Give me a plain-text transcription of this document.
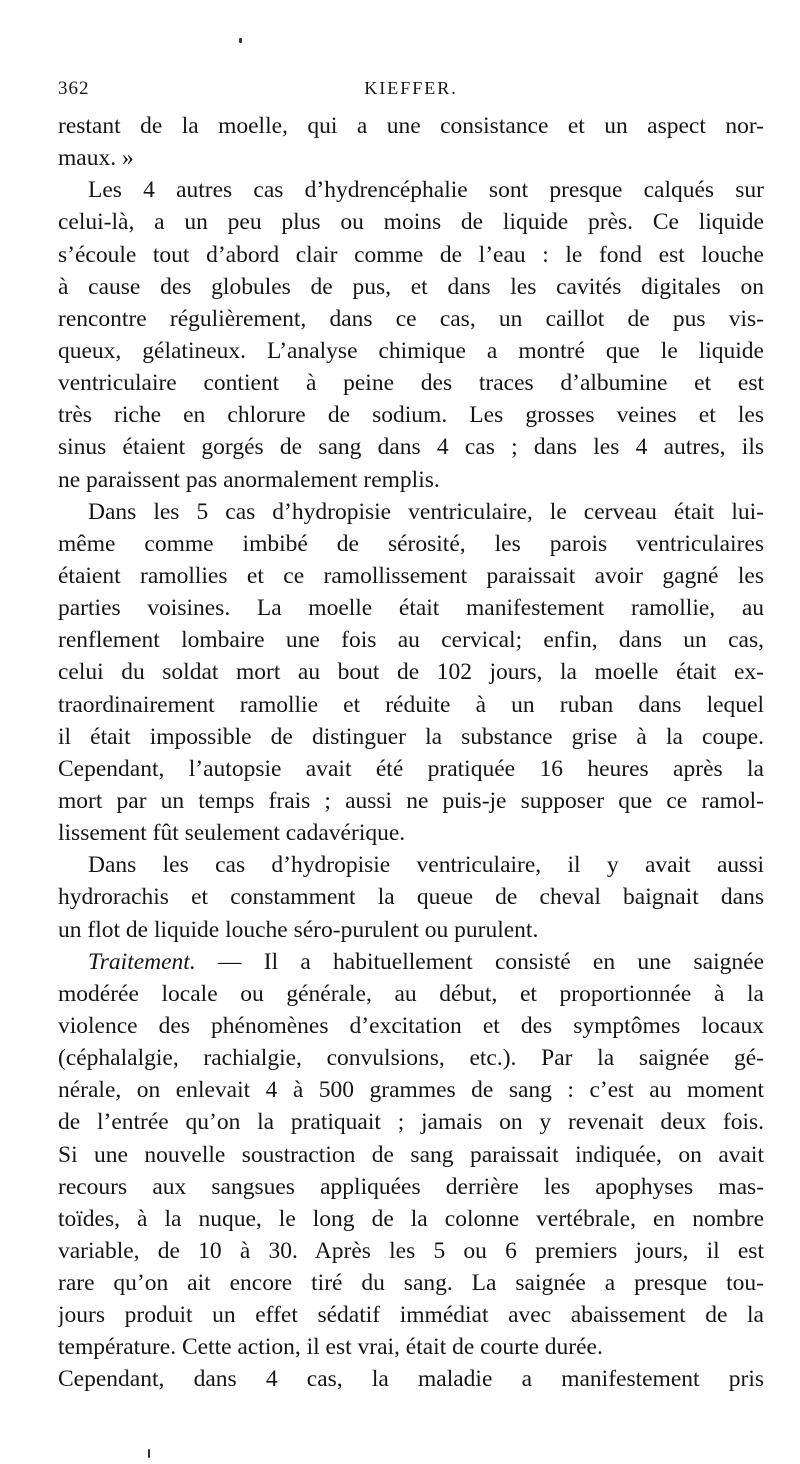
362	KIEFFER.
restant de la moelle, qui a une consistance et un aspect nor-
maux. »
Les 4 autres cas d’hydrencéphalie sont presque calqués sur
celui-là, a un peu plus ou moins de liquide près. Ce liquide
s’écoule tout d’abord clair comme de l’eau : le fond est louche
à cause des globules de pus, et dans les cavités digitales on
rencontre régulièrement, dans ce cas, un caillot de pus vis-
queux, gélatineux. L’analyse chimique a montré que le liquide
ventriculaire contient à peine des traces d’albumine et est
très riche en chlorure de sodium. Les grosses veines et les
sinus étaient gorgés de sang dans 4 cas ; dans les 4 autres, ils
ne paraissent pas anormalement remplis.
Dans les 5 cas d’hydropisie ventriculaire, le cerveau était lui-
même comme imbibé de sérosité, les parois ventriculaires
étaient ramollies et ce ramollissement paraissait avoir gagné les
parties voisines. La moelle était manifestement ramollie, au
renflement lombaire une fois au cervical; enfin, dans un cas,
celui du soldat mort au bout de 102 jours, la moelle était ex-
traordinairement ramollie et réduite à un ruban dans lequel
il était impossible de distinguer la substance grise à la coupe.
Cependant, l’autopsie avait été pratiquée 16 heures après la
mort par un temps frais ; aussi ne puis-je supposer que ce ramol-
lissement fût seulement cadavérique.
Dans les cas d’hydropisie ventriculaire, il y avait aussi
hydrorachis et constamment la queue de cheval baignait dans
un flot de liquide louche séro-purulent ou purulent.
Traitement. — Il a habituellement consisté en une saignée
modérée locale ou générale, au début, et proportionnée à la
violence des phénomènes d’excitation et des symptômes locaux
(céphalalgie, rachialgie, convulsions, etc.). Par la saignée gé-
nérale, on enlevait 4 à 500 grammes de sang : c’est au moment
de l’entrée qu’on la pratiquait ; jamais on y revenait deux fois.
Si une nouvelle soustraction de sang paraissait indiquée, on avait
recours aux sangsues appliquées derrière les apophyses mas-
toïdes, à la nuque, le long de la colonne vertébrale, en nombre
variable, de 10 à 30. Après les 5 ou 6 premiers jours, il est
rare qu’on ait encore tiré du sang. La saignée a presque tou-
jours produit un effet sédatif immédiat avec abaissement de la
température. Cette action, il est vrai, était de courte durée.
Cependant, dans 4 cas, la maladie a manifestement pris
